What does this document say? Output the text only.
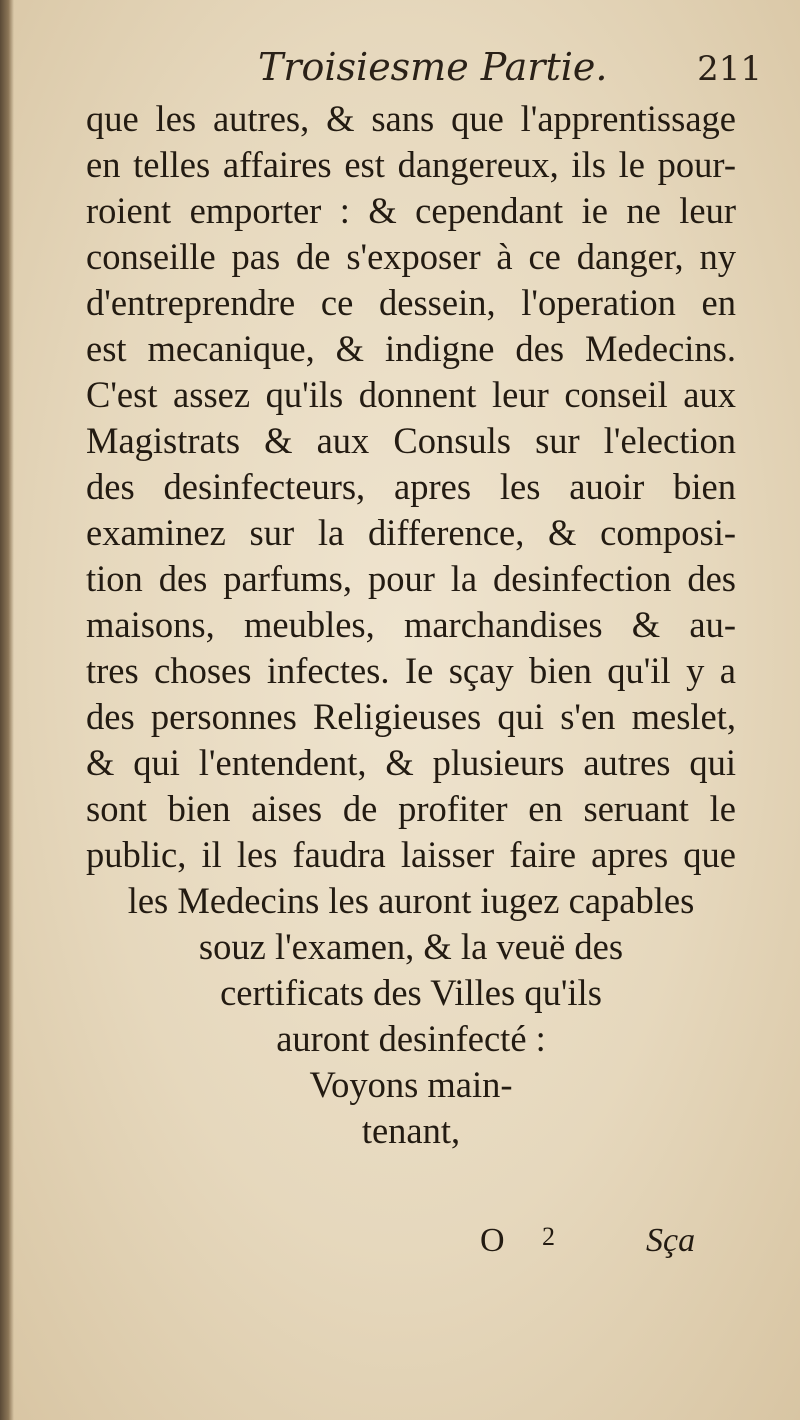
Troisiesme Partie.	211
que les autres, & sans que l'apprentissage
en telles affaires est dangereux, ils le pour-
roient emporter : & cependant ie ne leur
conseille pas de s'exposer à ce danger, ny
d'entreprendre ce dessein, l'operation en
est mecanique, & indigne des Medecins.
C'est assez qu'ils donnent leur conseil aux
Magistrats & aux Consuls sur l'election
des desinfecteurs, apres les auoir bien
examinez sur la difference, & composi-
tion des parfums, pour la desinfection des
maisons, meubles, marchandises & au-
tres choses infectes. Ie sçay bien qu'il y a
des personnes Religieuses qui s'en meslet,
& qui l'entendent, & plusieurs autres qui
sont bien aises de profiter en seruant le
public, il les faudra laisser faire apres que
les Medecins les auront iugez capables
souz l'examen, & la veuë des
certificats des Villes qu'ils
auront desinfecté :
Voyons main-
tenant,
O 2	Sça
